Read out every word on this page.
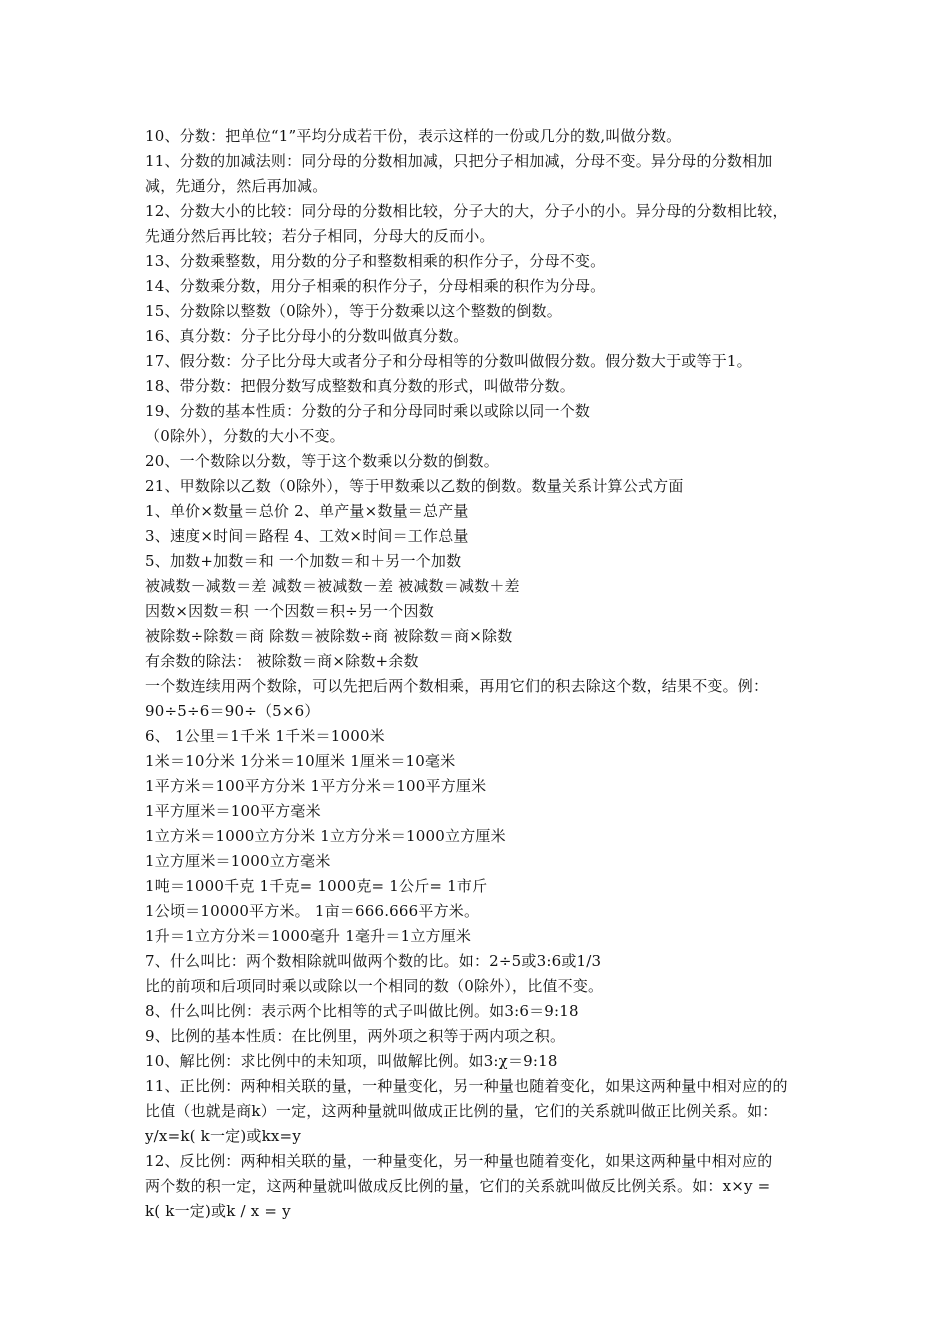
10、分数：把单位“1”平均分成若干份，表示这样的一份或几分的数,叫做分数。
11、分数的加减法则：同分母的分数相加减，只把分子相加减，分母不变。异分母的分数相加
减，先通分，然后再加减。
12、分数大小的比较：同分母的分数相比较，分子大的大，分子小的小。异分母的分数相比较，
先通分然后再比较；若分子相同，分母大的反而小。
13、分数乘整数，用分数的分子和整数相乘的积作分子，分母不变。
14、分数乘分数，用分子相乘的积作分子，分母相乘的积作为分母。
15、分数除以整数（0除外），等于分数乘以这个整数的倒数。
16、真分数：分子比分母小的分数叫做真分数。
17、假分数：分子比分母大或者分子和分母相等的分数叫做假分数。假分数大于或等于1。
18、带分数：把假分数写成整数和真分数的形式，叫做带分数。
19、分数的基本性质：分数的分子和分母同时乘以或除以同一个数
（0除外），分数的大小不变。
20、一个数除以分数，等于这个数乘以分数的倒数。
21、甲数除以乙数（0除外），等于甲数乘以乙数的倒数。数量关系计算公式方面
1、单价×数量＝总价 2、单产量×数量＝总产量
3、速度×时间＝路程 4、工效×时间＝工作总量
5、加数+加数＝和 一个加数＝和＋另一个加数
被减数－减数＝差 减数＝被减数－差 被减数＝减数＋差
因数×因数＝积 一个因数＝积÷另一个因数
被除数÷除数＝商 除数＝被除数÷商 被除数＝商×除数
有余数的除法： 被除数＝商×除数+余数
一个数连续用两个数除，可以先把后两个数相乘，再用它们的积去除这个数，结果不变。例：
90÷5÷6＝90÷（5×6）
6、 1公里＝1千米 1千米＝1000米
1米＝10分米 1分米＝10厘米 1厘米＝10毫米
1平方米＝100平方分米 1平方分米＝100平方厘米
1平方厘米＝100平方毫米
1立方米＝1000立方分米 1立方分米＝1000立方厘米
1立方厘米＝1000立方毫米
1吨＝1000千克 1千克= 1000克= 1公斤= 1市斤
1公顷＝10000平方米。 1亩＝666.666平方米。
1升＝1立方分米＝1000毫升 1毫升＝1立方厘米
7、什么叫比：两个数相除就叫做两个数的比。如：2÷5或3:6或1/3
比的前项和后项同时乘以或除以一个相同的数（0除外），比值不变。
8、什么叫比例：表示两个比相等的式子叫做比例。如3:6＝9:18
9、比例的基本性质：在比例里，两外项之积等于两内项之积。
10、解比例：求比例中的未知项，叫做解比例。如3:χ＝9:18
11、正比例：两种相关联的量，一种量变化，另一种量也随着变化，如果这两种量中相对应的的
比值（也就是商k）一定，这两种量就叫做成正比例的量，它们的关系就叫做正比例关系。如：
y/x=k( k一定)或kx=y
12、反比例：两种相关联的量，一种量变化，另一种量也随着变化，如果这两种量中相对应的
两个数的积一定，这两种量就叫做成反比例的量，它们的关系就叫做反比例关系。如：x×y =
k( k一定)或k / x = y
